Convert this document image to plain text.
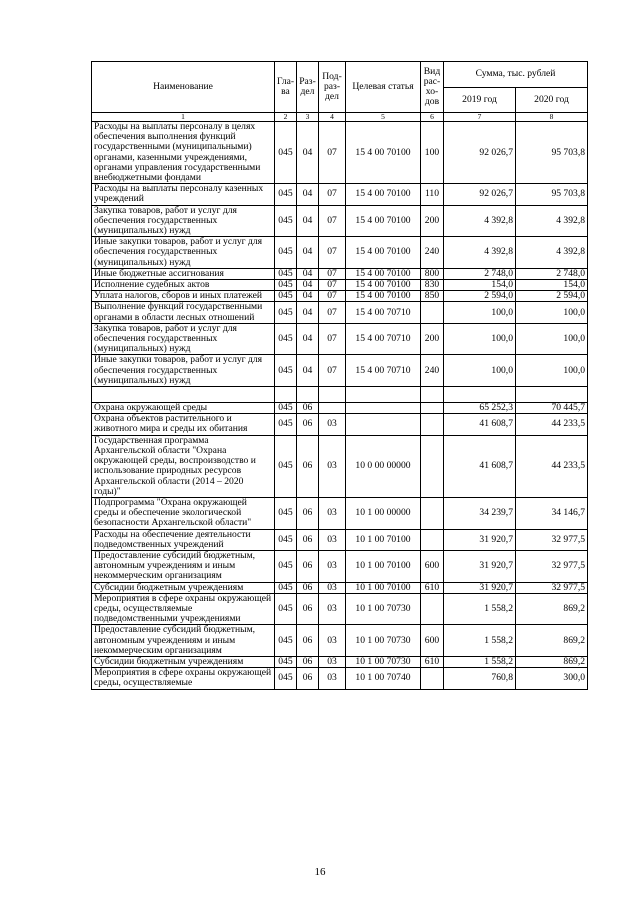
Наименование	Гла-ва	Раз-дел	Под-раз-дел	Целевая статья	Вид рас-хо-дов	Сумма, тыс. рублей	
						2019 год	2020 год
1	2	3	4	5	6	7	8
Расходы на выплаты персоналу в целях обеспечения выполнения функций государственными (муниципальными) органами, казенными учреждениями, органами управления государственными внебюджетными фондами	045	04	07	15 4 00 70100	100	92 026,7	95 703,8
Расходы на выплаты персоналу казенных учреждений	045	04	07	15 4 00 70100	110	92 026,7	95 703,8
Закупка товаров, работ и услуг для обеспечения государственных (муниципальных) нужд	045	04	07	15 4 00 70100	200	4 392,8	4 392,8
Иные закупки товаров, работ и услуг для обеспечения государственных (муниципальных) нужд	045	04	07	15 4 00 70100	240	4 392,8	4 392,8
Иные бюджетные ассигнования	045	04	07	15 4 00 70100	800	2 748,0	2 748,0
Исполнение судебных актов	045	04	07	15 4 00 70100	830	154,0	154,0
Уплата налогов, сборов и иных платежей	045	04	07	15 4 00 70100	850	2 594,0	2 594,0
Выполнение функций государственными органами в области лесных отношений	045	04	07	15 4 00 70710		100,0	100,0
Закупка товаров, работ и услуг для обеспечения государственных (муниципальных) нужд	045	04	07	15 4 00 70710	200	100,0	100,0
Иные закупки товаров, работ и услуг для обеспечения государственных (муниципальных) нужд	045	04	07	15 4 00 70710	240	100,0	100,0

Охрана окружающей среды	045	06				65 252,3	70 445,7
Охрана объектов растительного и животного мира и среды их обитания	045	06	03			41 608,7	44 233,5
Государственная программа Архангельской области "Охрана окружающей среды, воспроизводство и использование природных ресурсов Архангельской области (2014 – 2020 годы)"	045	06	03	10 0 00 00000		41 608,7	44 233,5
Подпрограмма "Охрана окружающей среды и обеспечение экологической безопасности Архангельской области"	045	06	03	10 1 00 00000		34 239,7	34 146,7
Расходы на обеспечение деятельности подведомственных учреждений	045	06	03	10 1 00 70100		31 920,7	32 977,5
Предоставление субсидий бюджетным, автономным учреждениям и иным некоммерческим организациям	045	06	03	10 1 00 70100	600	31 920,7	32 977,5
Субсидии бюджетным учреждениям	045	06	03	10 1 00 70100	610	31 920,7	32 977,5
Мероприятия в сфере охраны окружающей среды, осуществляемые подведомственными учреждениями	045	06	03	10 1 00 70730		1 558,2	869,2
Предоставление субсидий бюджетным, автономным учреждениям и иным некоммерческим организациям	045	06	03	10 1 00 70730	600	1 558,2	869,2
Субсидии бюджетным учреждениям	045	06	03	10 1 00 70730	610	1 558,2	869,2
Мероприятия в сфере охраны окружающей среды, осуществляемые	045	06	03	10 1 00 70740		760,8	300,0
16
